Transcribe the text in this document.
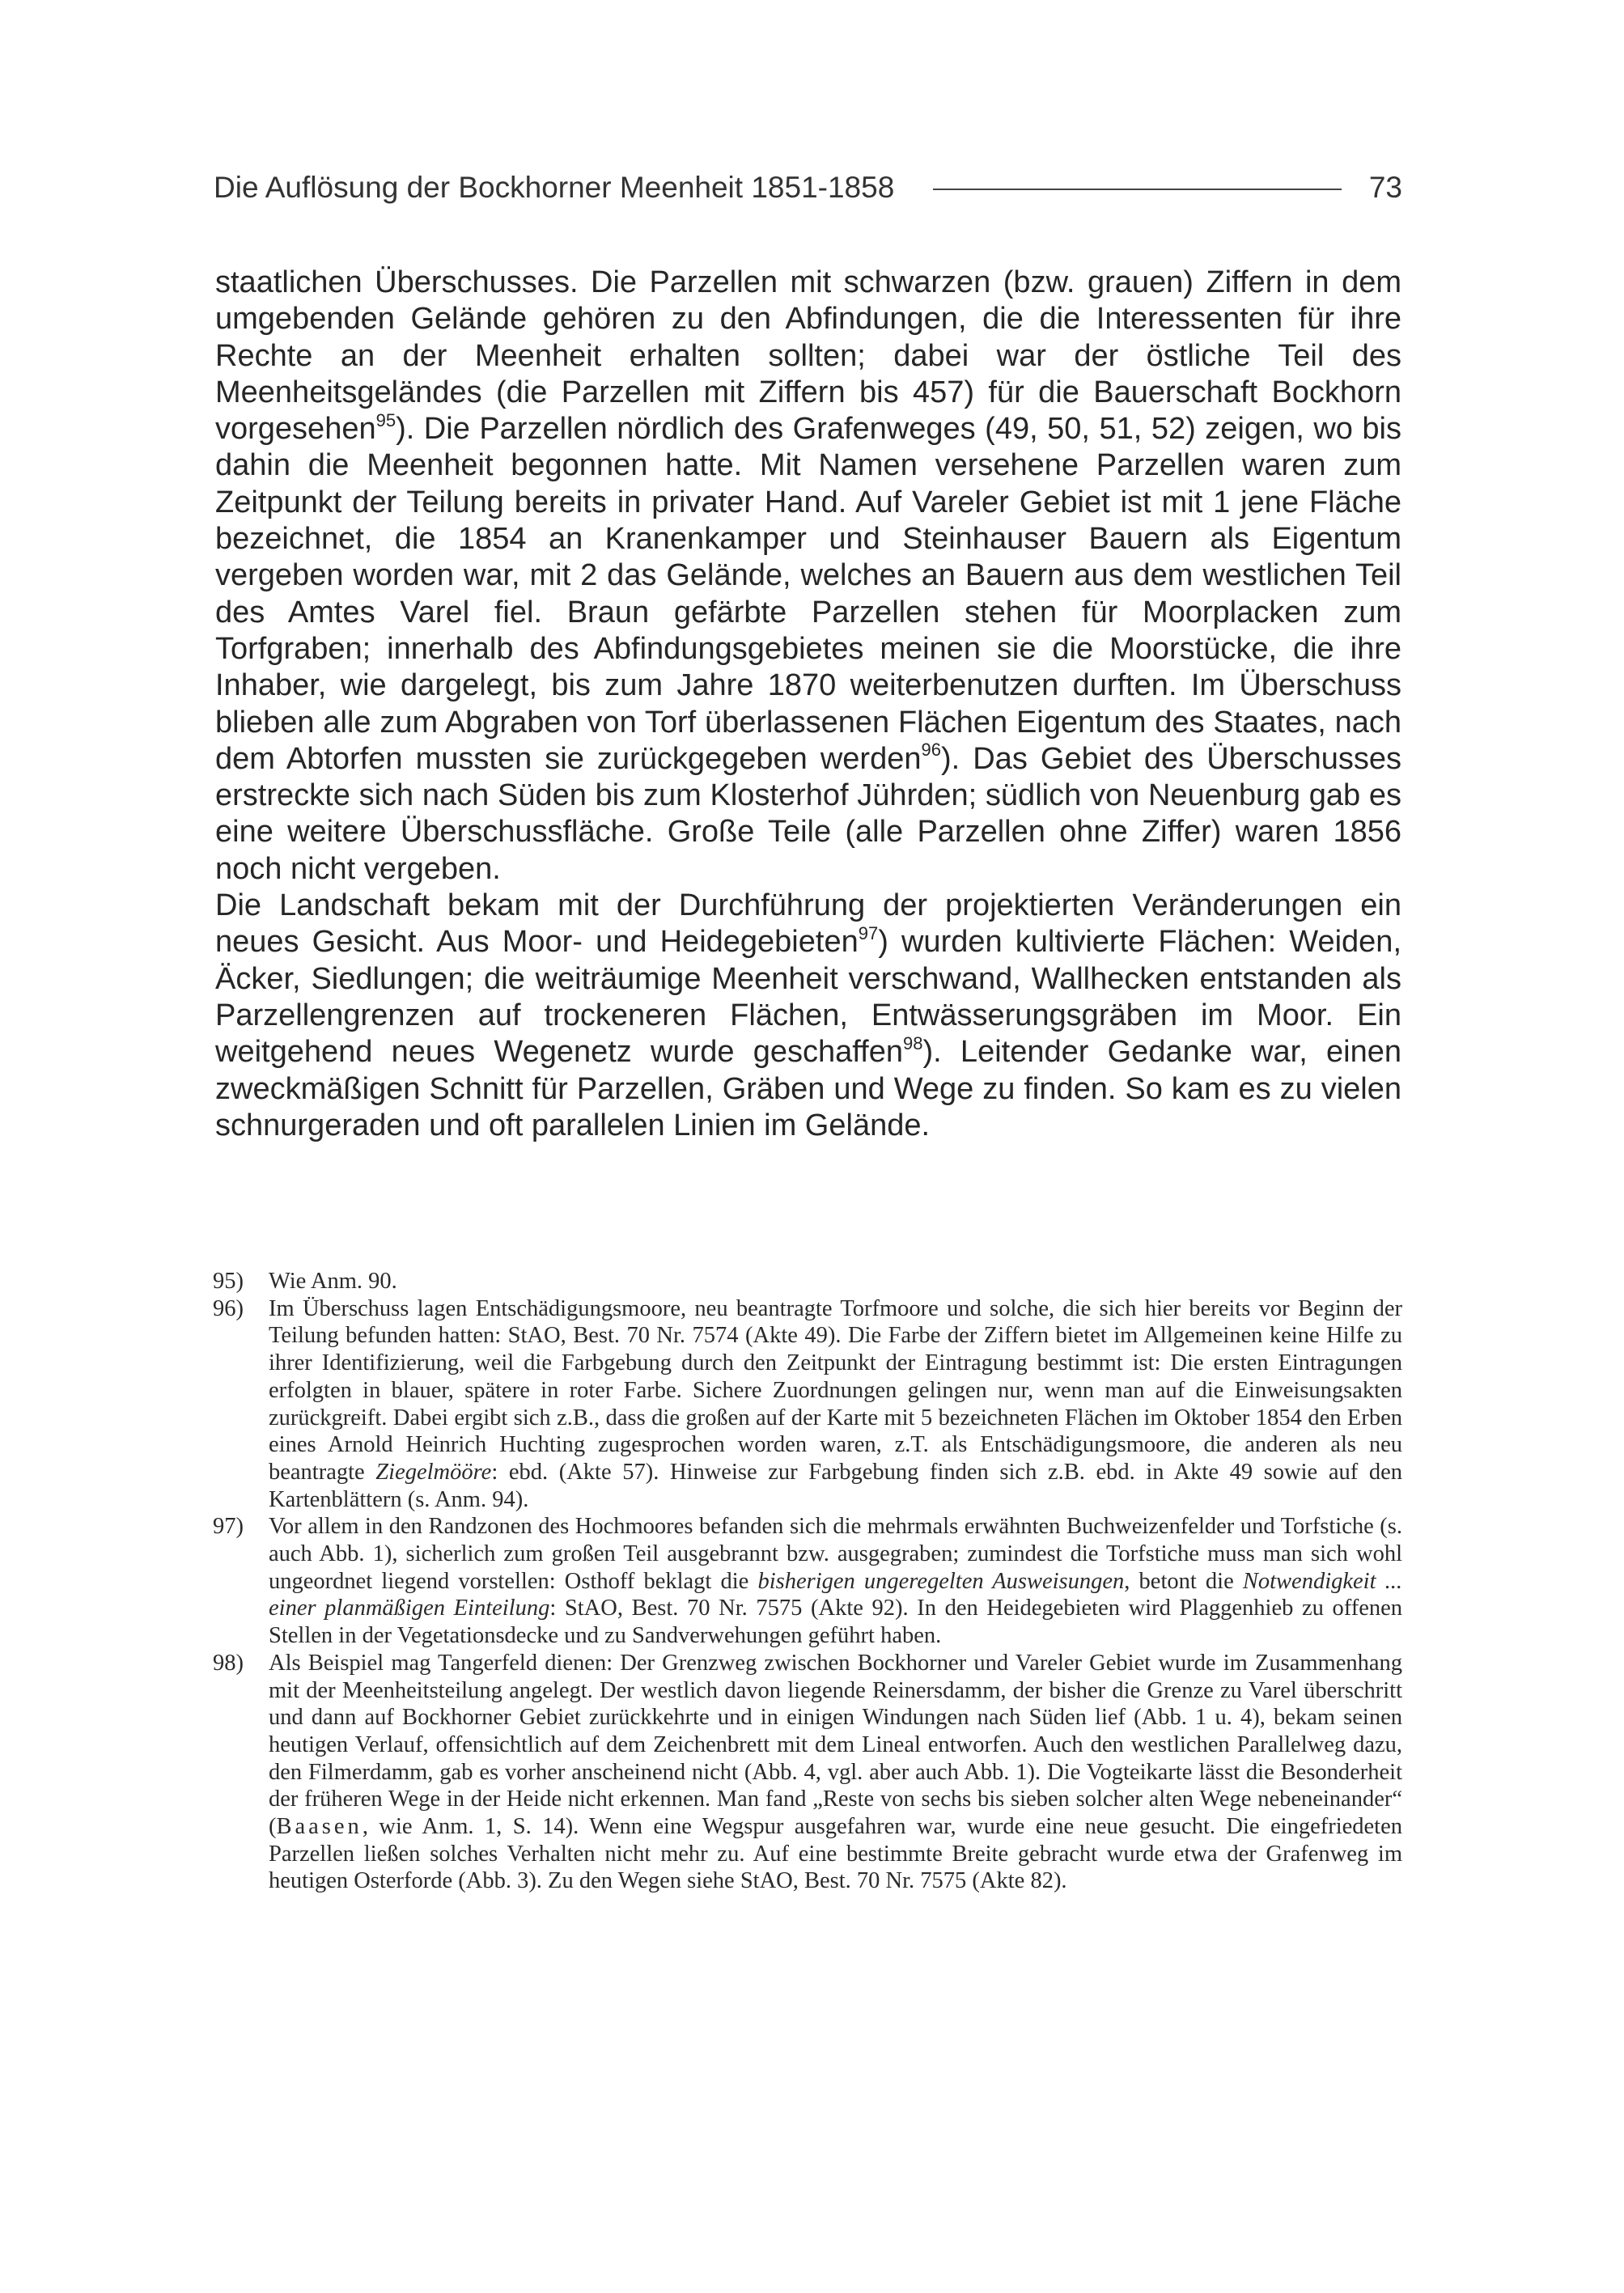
Die Auflösung der Bockhorner Meenheit 1851-1858	73

staatlichen Überschusses. Die Parzellen mit schwarzen (bzw. grauen) Ziffern in dem umgebenden Gelände gehören zu den Abfindungen, die die Interessenten für ihre Rechte an der Meenheit erhalten sollten; dabei war der östliche Teil des Meenheitsgeländes (die Parzellen mit Ziffern bis 457) für die Bauerschaft Bockhorn vorgesehen$^{95}$). Die Parzellen nördlich des Grafenweges (49, 50, 51, 52) zeigen, wo bis dahin die Meenheit begonnen hatte. Mit Namen versehene Parzellen waren zum Zeitpunkt der Teilung bereits in privater Hand. Auf Vareler Gebiet ist mit 1 jene Fläche bezeichnet, die 1854 an Kranenkamper und Steinhauser Bauern als Eigentum vergeben worden war, mit 2 das Gelände, welches an Bauern aus dem westlichen Teil des Amtes Varel fiel. Braun gefärbte Parzellen stehen für Moorplacken zum Torfgraben; innerhalb des Abfindungsgebietes meinen sie die Moorstücke, die ihre Inhaber, wie dargelegt, bis zum Jahre 1870 weiterbenutzen durften. Im Überschuss blieben alle zum Abgraben von Torf überlassenen Flächen Eigentum des Staates, nach dem Abtorfen mussten sie zurückgegeben werden$^{96}$). Das Gebiet des Überschusses erstreckte sich nach Süden bis zum Klosterhof Jührden; südlich von Neuenburg gab es eine weitere Überschussfläche. Große Teile (alle Parzellen ohne Ziffer) waren 1856 noch nicht vergeben.

Die Landschaft bekam mit der Durchführung der projektierten Veränderungen ein neues Gesicht. Aus Moor- und Heidegebieten$^{97}$) wurden kultivierte Flächen: Weiden, Äcker, Siedlungen; die weiträumige Meenheit verschwand, Wallhecken entstanden als Parzellengrenzen auf trockeneren Flächen, Entwässerungsgräben im Moor. Ein weitgehend neues Wegenetz wurde geschaffen$^{98}$). Leitender Gedanke war, einen zweckmäßigen Schnitt für Parzellen, Gräben und Wege zu finden. So kam es zu vielen schnurgeraden und oft parallelen Linien im Gelände.

95)	Wie Anm. 90.
96)	Im Überschuss lagen Entschädigungsmoore, neu beantragte Torfmoore und solche, die sich hier bereits vor Beginn der Teilung befunden hatten: StAO, Best. 70 Nr. 7574 (Akte 49). Die Farbe der Ziffern bietet im Allgemeinen keine Hilfe zu ihrer Identifizierung, weil die Farbgebung durch den Zeitpunkt der Eintragung bestimmt ist: Die ersten Eintragungen erfolgten in blauer, spätere in roter Farbe. Sichere Zuordnungen gelingen nur, wenn man auf die Einweisungsakten zurückgreift. Dabei ergibt sich z.B., dass die großen auf der Karte mit 5 bezeichneten Flächen im Oktober 1854 den Erben eines Arnold Heinrich Huchting zugesprochen worden waren, z.T. als Entschädigungsmoore, die anderen als neu beantragte Ziegelmööre: ebd. (Akte 57). Hinweise zur Farbgebung finden sich z.B. ebd. in Akte 49 sowie auf den Kartenblättern (s. Anm. 94).
97)	Vor allem in den Randzonen des Hochmoores befanden sich die mehrmals erwähnten Buchweizenfelder und Torfstiche (s. auch Abb. 1), sicherlich zum großen Teil ausgebrannt bzw. ausgegraben; zumindest die Torfstiche muss man sich wohl ungeordnet liegend vorstellen: Osthoff beklagt die bisherigen ungeregelten Ausweisungen, betont die Notwendigkeit ... einer planmäßigen Einteilung: StAO, Best. 70 Nr. 7575 (Akte 92). In den Heidegebieten wird Plaggenhieb zu offenen Stellen in der Vegetationsdecke und zu Sandverwehungen geführt haben.
98)	Als Beispiel mag Tangerfeld dienen: Der Grenzweg zwischen Bockhorner und Vareler Gebiet wurde im Zusammenhang mit der Meenheitsteilung angelegt. Der westlich davon liegende Reinersdamm, der bisher die Grenze zu Varel überschritt und dann auf Bockhorner Gebiet zurückkehrte und in einigen Windungen nach Süden lief (Abb. 1 u. 4), bekam seinen heutigen Verlauf, offensichtlich auf dem Zeichenbrett mit dem Lineal entworfen. Auch den westlichen Parallelweg dazu, den Filmerdamm, gab es vorher anscheinend nicht (Abb. 4, vgl. aber auch Abb. 1). Die Vogteikarte lässt die Besonderheit der früheren Wege in der Heide nicht erkennen. Man fand „Reste von sechs bis sieben solcher alten Wege nebeneinander“ (Baasen, wie Anm. 1, S. 14). Wenn eine Wegspur ausgefahren war, wurde eine neue gesucht. Die eingefriedeten Parzellen ließen solches Verhalten nicht mehr zu. Auf eine bestimmte Breite gebracht wurde etwa der Grafenweg im heutigen Osterforde (Abb. 3). Zu den Wegen siehe StAO, Best. 70 Nr. 7575 (Akte 82).
